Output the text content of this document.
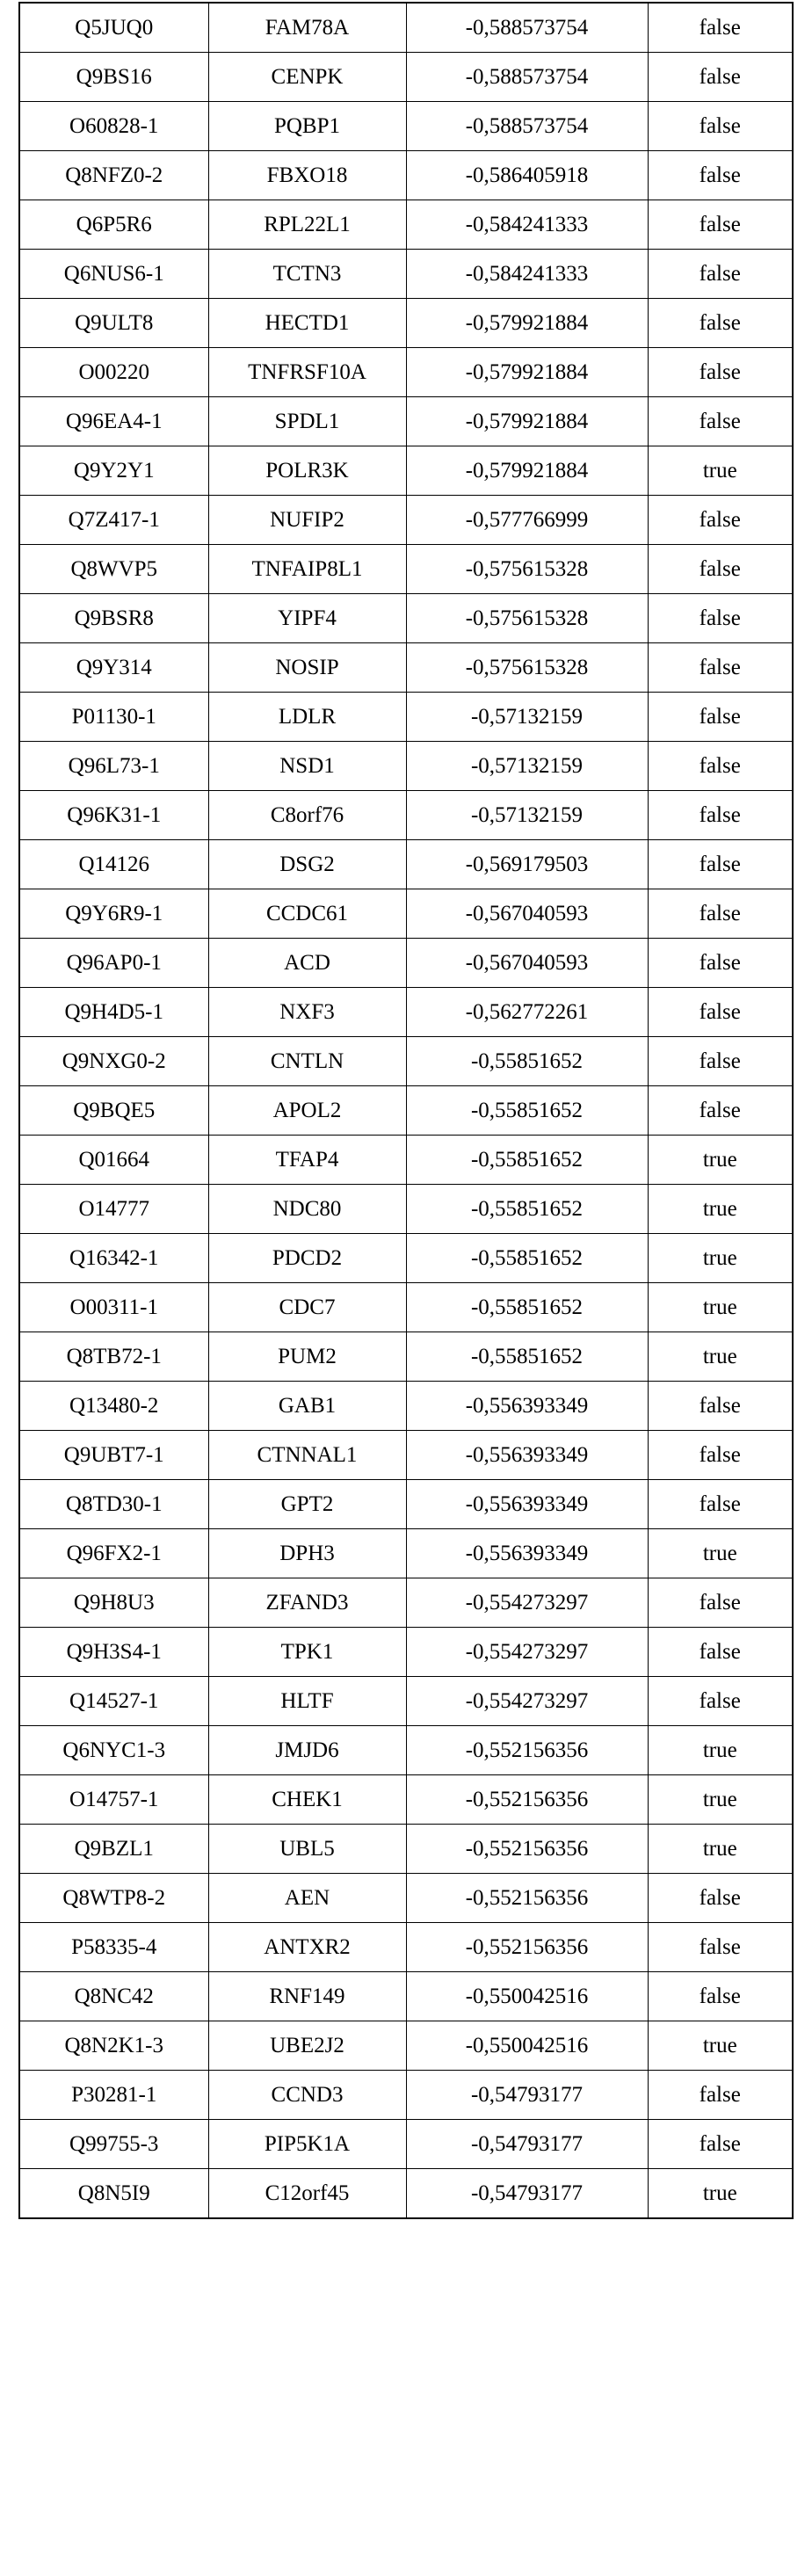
Q5JUQ0	FAM78A	-0,588573754	false
Q9BS16	CENPK	-0,588573754	false
O60828-1	PQBP1	-0,588573754	false
Q8NFZ0-2	FBXO18	-0,586405918	false
Q6P5R6	RPL22L1	-0,584241333	false
Q6NUS6-1	TCTN3	-0,584241333	false
Q9ULT8	HECTD1	-0,579921884	false
O00220	TNFRSF10A	-0,579921884	false
Q96EA4-1	SPDL1	-0,579921884	false
Q9Y2Y1	POLR3K	-0,579921884	true
Q7Z417-1	NUFIP2	-0,577766999	false
Q8WVP5	TNFAIP8L1	-0,575615328	false
Q9BSR8	YIPF4	-0,575615328	false
Q9Y314	NOSIP	-0,575615328	false
P01130-1	LDLR	-0,57132159	false
Q96L73-1	NSD1	-0,57132159	false
Q96K31-1	C8orf76	-0,57132159	false
Q14126	DSG2	-0,569179503	false
Q9Y6R9-1	CCDC61	-0,567040593	false
Q96AP0-1	ACD	-0,567040593	false
Q9H4D5-1	NXF3	-0,562772261	false
Q9NXG0-2	CNTLN	-0,55851652	false
Q9BQE5	APOL2	-0,55851652	false
Q01664	TFAP4	-0,55851652	true
O14777	NDC80	-0,55851652	true
Q16342-1	PDCD2	-0,55851652	true
O00311-1	CDC7	-0,55851652	true
Q8TB72-1	PUM2	-0,55851652	true
Q13480-2	GAB1	-0,556393349	false
Q9UBT7-1	CTNNAL1	-0,556393349	false
Q8TD30-1	GPT2	-0,556393349	false
Q96FX2-1	DPH3	-0,556393349	true
Q9H8U3	ZFAND3	-0,554273297	false
Q9H3S4-1	TPK1	-0,554273297	false
Q14527-1	HLTF	-0,554273297	false
Q6NYC1-3	JMJD6	-0,552156356	true
O14757-1	CHEK1	-0,552156356	true
Q9BZL1	UBL5	-0,552156356	true
Q8WTP8-2	AEN	-0,552156356	false
P58335-4	ANTXR2	-0,552156356	false
Q8NC42	RNF149	-0,550042516	false
Q8N2K1-3	UBE2J2	-0,550042516	true
P30281-1	CCND3	-0,54793177	false
Q99755-3	PIP5K1A	-0,54793177	false
Q8N5I9	C12orf45	-0,54793177	true
